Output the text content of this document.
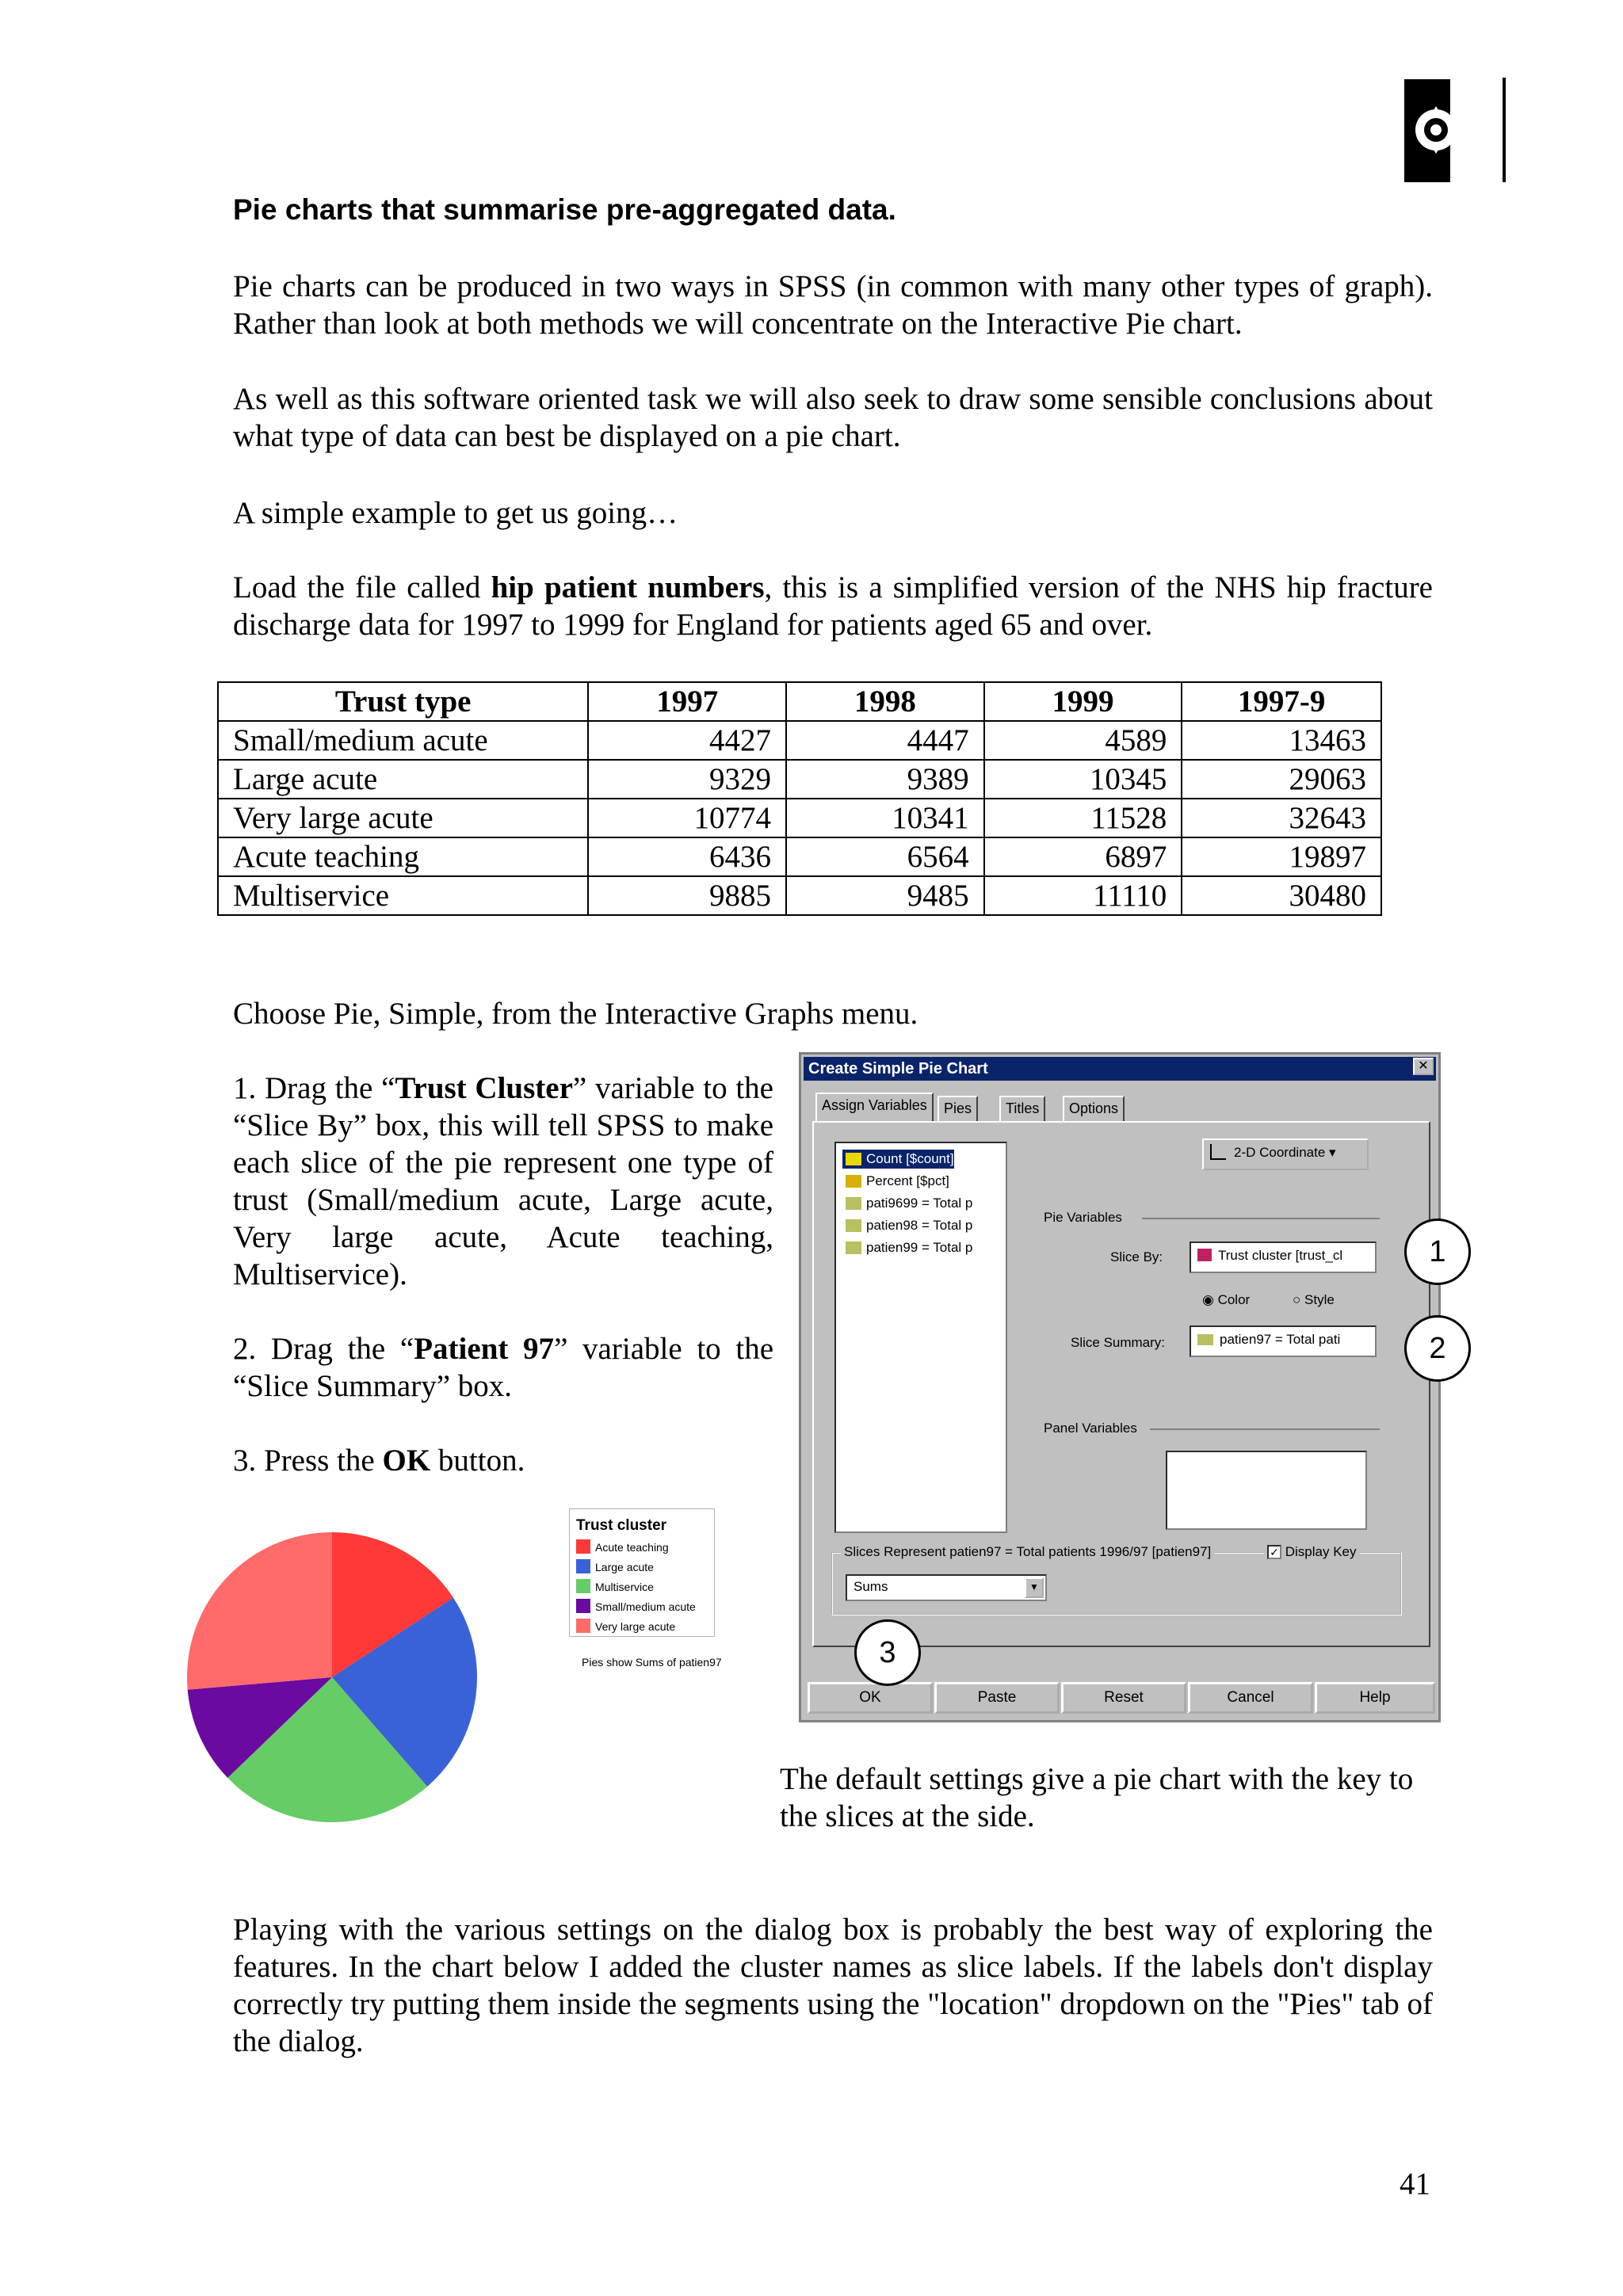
Pie charts that summarise pre-aggregated data.

Pie charts can be produced in two ways in SPSS (in common with many other types of graph). Rather than look at both methods we will concentrate on the Interactive Pie chart.

As well as this software oriented task we will also seek to draw some sensible conclusions about what type of data can best be displayed on a pie chart.

A simple example to get us going…

Load the file called hip patient numbers, this is a simplified version of the NHS hip fracture discharge data for 1997 to 1999 for England for patients aged 65 and over.

Trust type	1997	1998	1999	1997-9
Small/medium acute	4427	4447	4589	13463
Large acute	9329	9389	10345	29063
Very large acute	10774	10341	11528	32643
Acute teaching	6436	6564	6897	19897
Multiservice	9885	9485	11110	30480

Choose Pie, Simple, from the Interactive Graphs menu.

1. Drag the “Trust Cluster” variable to the “Slice By” box, this will tell SPSS to make each slice of the pie represent one type of trust (Small/medium acute, Large acute, Very large acute, Acute teaching, Multiservice).

2. Drag the “Patient 97” variable to the “Slice Summary” box.

3. Press the OK button.

Create Simple Pie Chart	✕
Assign Variables	Pies	Titles	Options
Count [$count]
Percent [$pct]
pati9699 = Total p
patien98 = Total p
patien99 = Total p
2-D Coordinate ▾
Pie Variables
Slice By:	Trust cluster [trust_cl
◉ Color	○ Style
Slice Summary:	patien97 = Total pati
Panel Variables
Slices Represent patien97 = Total patients 1996/97 [patien97]	✓ Display Key
Sums	▼
OK	Paste	Reset	Cancel	Help
1
2
3
Trust cluster
Acute teaching
Large acute
Multiservice
Small/medium acute
Very large acute
Pies show Sums of patien97

The default settings give a pie chart with the key to the slices at the side.

Playing with the various settings on the dialog box is probably the best way of exploring the features. In the chart below I added the cluster names as slice labels. If the labels don't display correctly try putting them inside the segments using the "location" dropdown on the "Pies" tab of the dialog.

41
